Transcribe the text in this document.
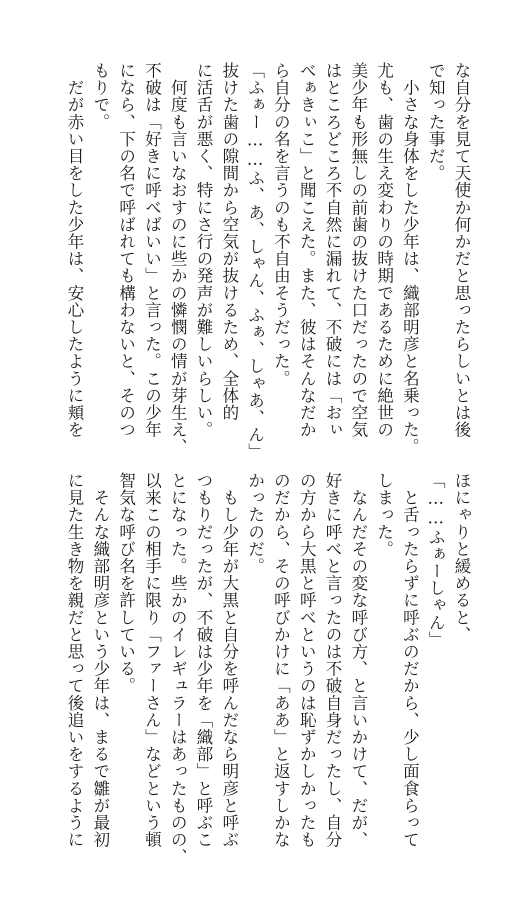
な自分を見て天使か何かだと思ったらしいとは後
で知った事だ。
　小さな身体をした少年は、織部明彦と名乗った。
尤も、歯の生え変わりの時期であるために絶世の
美少年も形無しの前歯の抜けた口だったので空気
はところどころ不自然に漏れて、不破には「おぃ
べぁきぃこ」と聞こえた。また、彼はそんなだか
ら自分の名を言うのも不自由そうだった。
「ふぁー……ふ、あ、しゃん、ふぁ、しゃあ、ん」
抜けた歯の隙間から空気が抜けるため、全体的
に活舌が悪く、特にさ行の発声が難しいらしい。
　何度も言いなおすのに些かの憐憫の情が芽生え、
不破は「好きに呼べばいい」と言った。この少年
になら、下の名で呼ばれても構わないと、そのつ
もりで。
　だが赤い目をした少年は、安心したように頬を
ほにゃりと緩めると、
「……ふぁーしゃん」
　と舌ったらずに呼ぶのだから、少し面食らって
しまった。
　なんだその変な呼び方、と言いかけて、だが、
好きに呼べと言ったのは不破自身だったし、自分
の方から大黒と呼べというのは恥ずかしかったも
のだから、その呼びかけに「ああ」と返すしかな
かったのだ。
　もし少年が大黒と自分を呼んだなら明彦と呼ぶ
つもりだったが、不破は少年を「織部」と呼ぶこ
とになった。些かのイレギュラーはあったものの、
以来この相手に限り「ファーさん」などという頓
智気な呼び名を許している。
　そんな織部明彦という少年は、まるで雛が最初
に見た生き物を親だと思って後追いをするように
